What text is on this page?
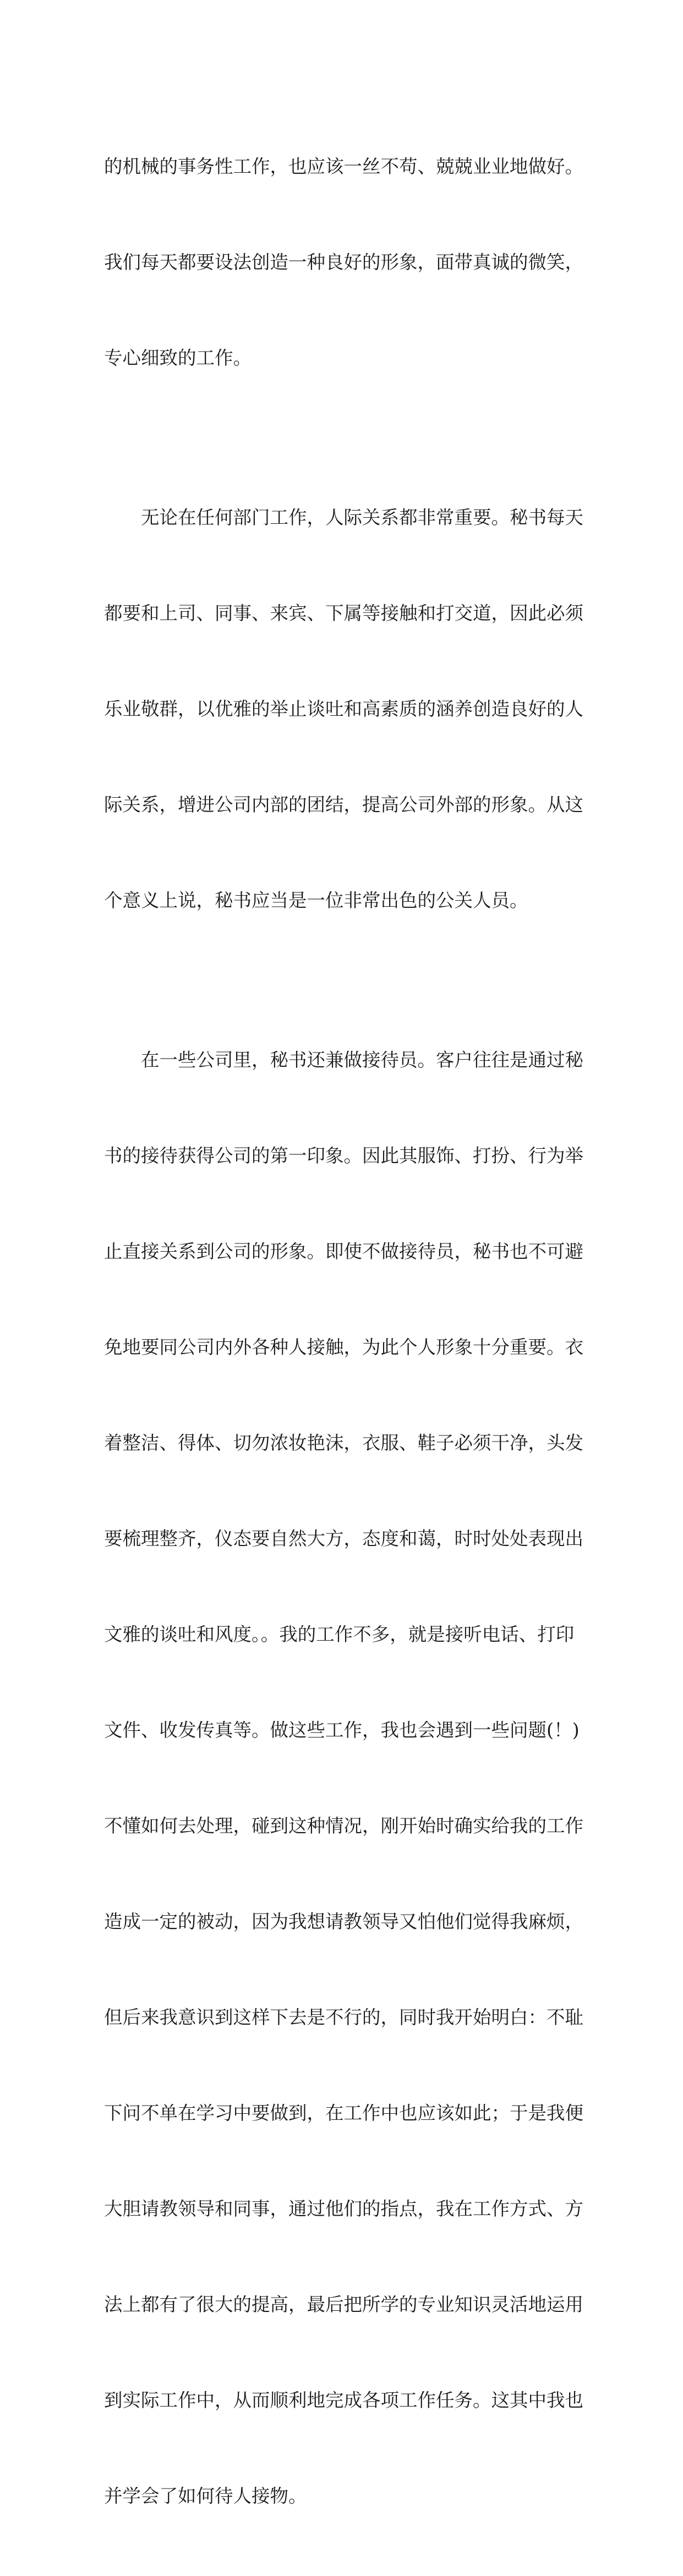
的机械的事务性工作，也应该一丝不苟、兢兢业业地做好。

我们每天都要设法创造一种良好的形象，面带真诚的微笑，

专心细致的工作。

无论在任何部门工作，人际关系都非常重要。秘书每天

都要和上司、同事、来宾、下属等接触和打交道，因此必须

乐业敬群，以优雅的举止谈吐和高素质的涵养创造良好的人

际关系，增进公司内部的团结，提高公司外部的形象。从这

个意义上说，秘书应当是一位非常出色的公关人员。

在一些公司里，秘书还兼做接待员。客户往往是通过秘

书的接待获得公司的第一印象。因此其服饰、打扮、行为举

止直接关系到公司的形象。即使不做接待员，秘书也不可避

免地要同公司内外各种人接触，为此个人形象十分重要。衣

着整洁、得体、切勿浓妆艳沫，衣服、鞋子必须干净，头发

要梳理整齐，仪态要自然大方，态度和蔼，时时处处表现出

文雅的谈吐和风度。。我的工作不多，就是接听电话、打印

文件、收发传真等。做这些工作，我也会遇到一些问题(！)

不懂如何去处理，碰到这种情况，刚开始时确实给我的工作

造成一定的被动，因为我想请教领导又怕他们觉得我麻烦，

但后来我意识到这样下去是不行的，同时我开始明白：不耻

下问不单在学习中要做到，在工作中也应该如此；于是我便

大胆请教领导和同事，通过他们的指点，我在工作方式、方

法上都有了很大的提高，最后把所学的专业知识灵活地运用

到实际工作中，从而顺利地完成各项工作任务。这其中我也

并学会了如何待人接物。
